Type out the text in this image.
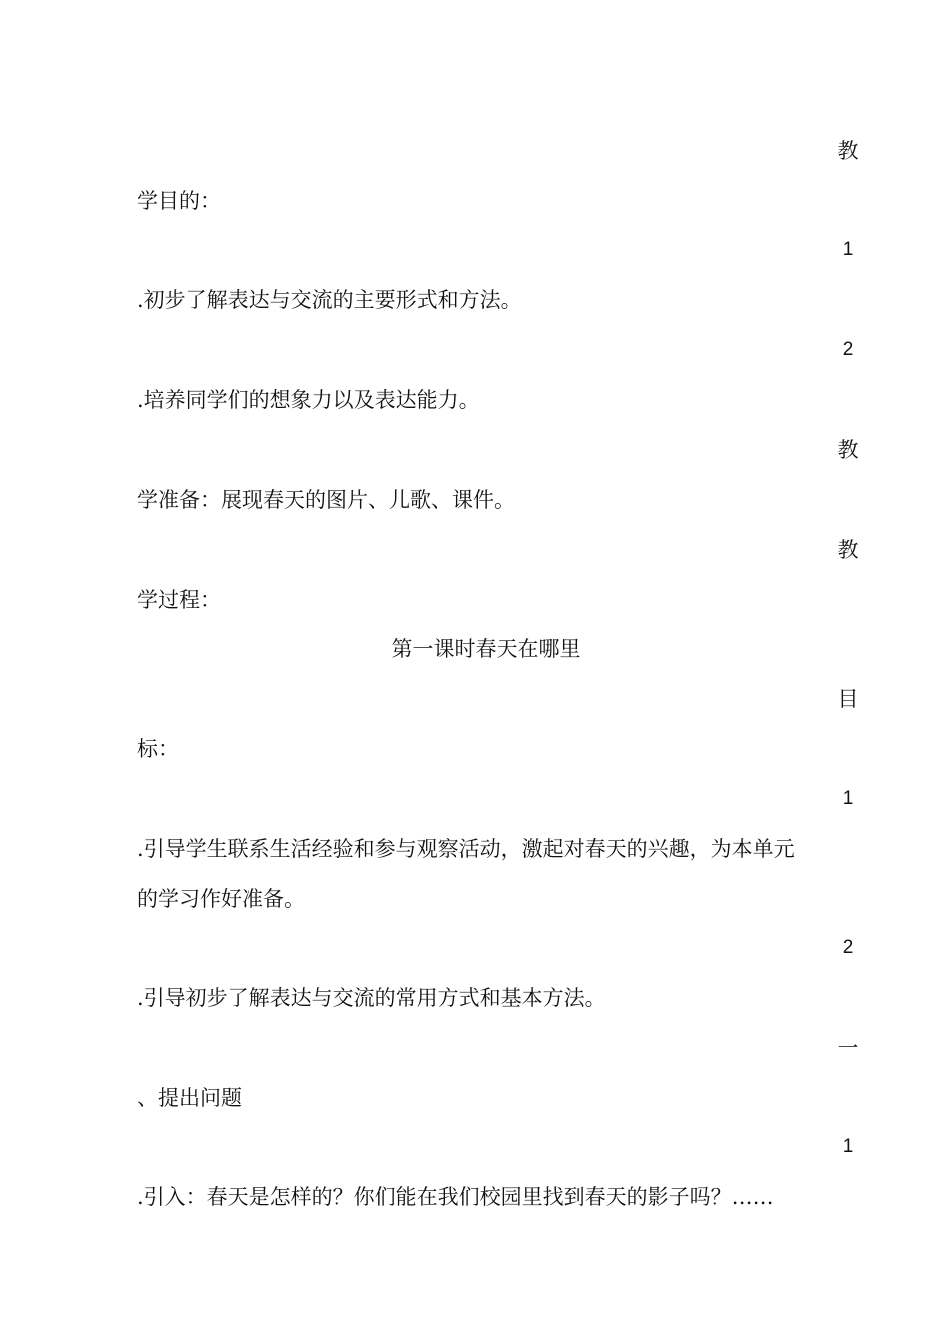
教
学目的：
1
.初步了解表达与交流的主要形式和方法。
2
.培养同学们的想象力以及表达能力。
教
学准备：展现春天的图片、儿歌、课件。
教
学过程：
第一课时春天在哪里
目
标：
1
.引导学生联系生活经验和参与观察活动，激起对春天的兴趣，为本单元
的学习作好准备。
2
.引导初步了解表达与交流的常用方式和基本方法。
一
、提出问题
1
.引入：春天是怎样的？你们能在我们校园里找到春天的影子吗？……
